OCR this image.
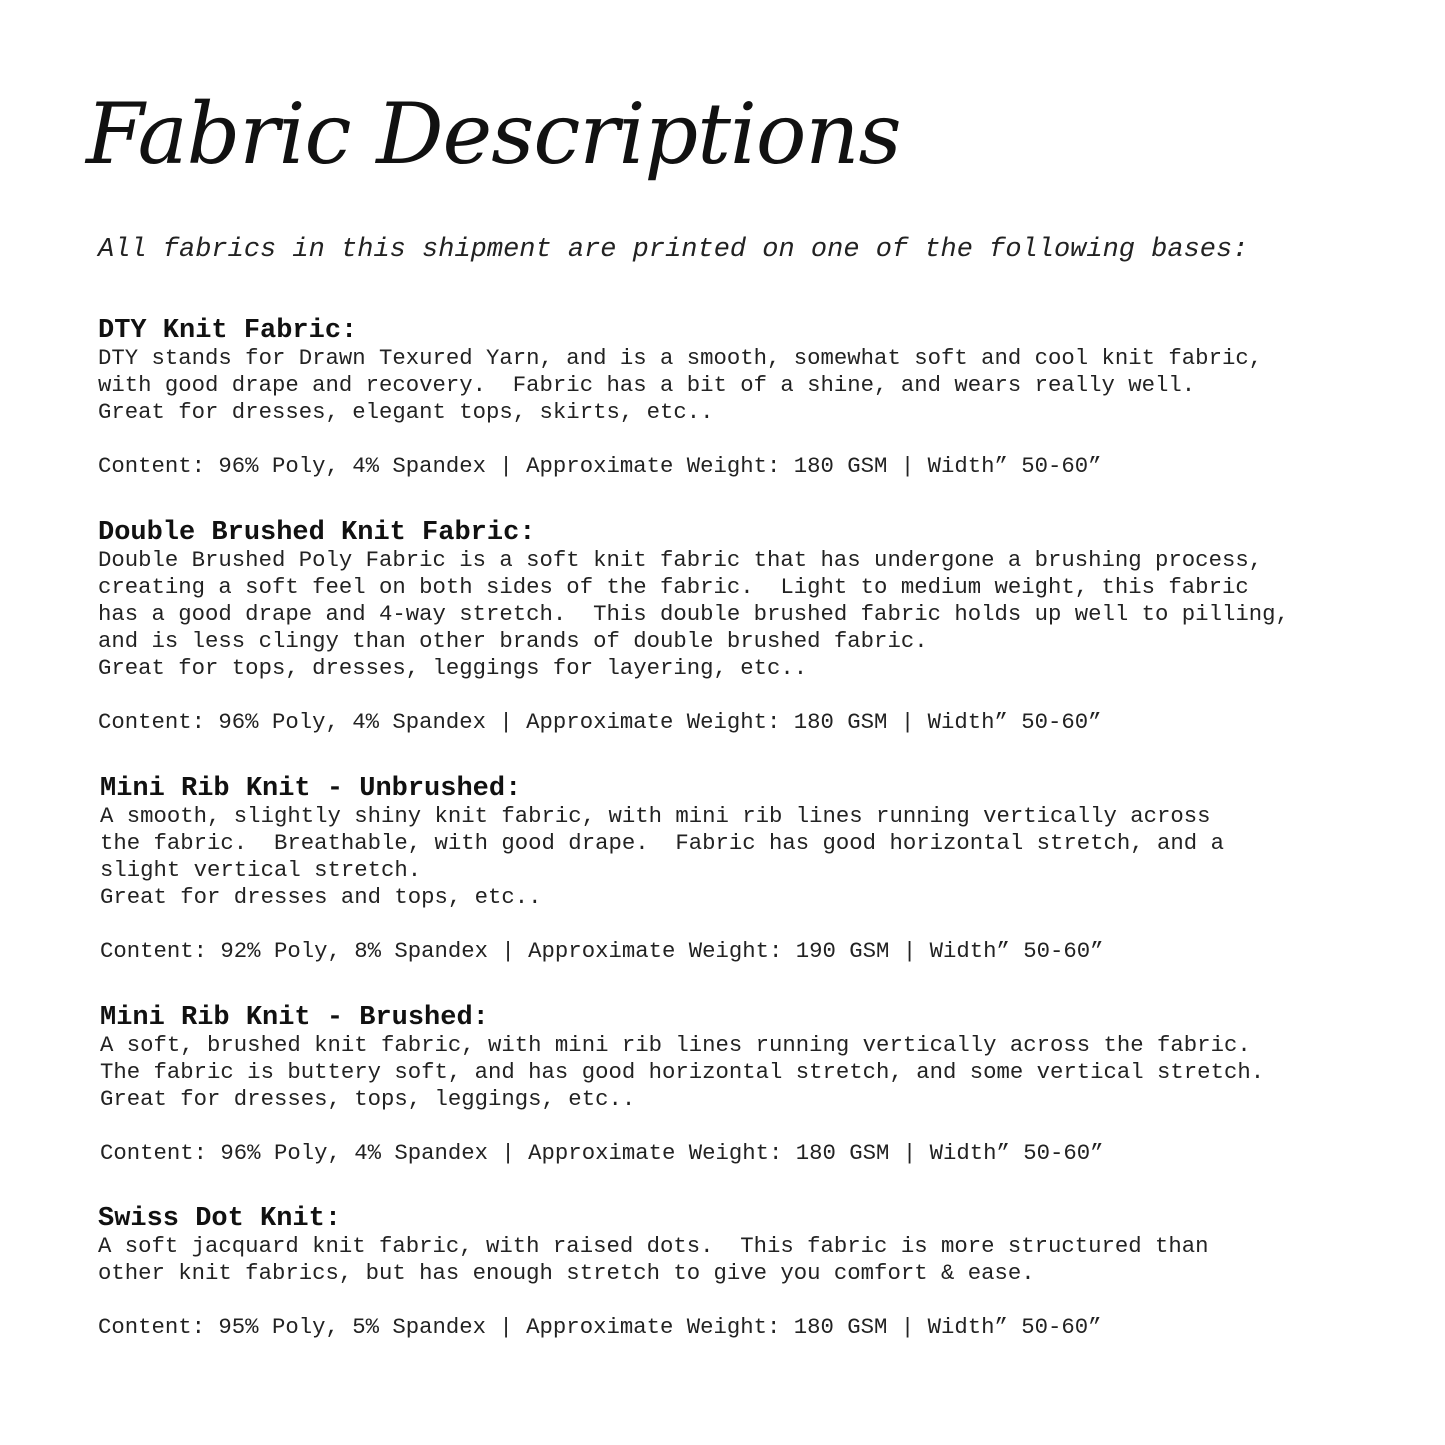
Fabric Descriptions
All fabrics in this shipment are printed on one of the following bases:
DTY Knit Fabric:
DTY stands for Drawn Texured Yarn, and is a smooth, somewhat soft and cool knit fabric,
with good drape and recovery.  Fabric has a bit of a shine, and wears really well.
Great for dresses, elegant tops, skirts, etc..
Content: 96% Poly, 4% Spandex | Approximate Weight: 180 GSM | Width” 50-60”
Double Brushed Knit Fabric:
Double Brushed Poly Fabric is a soft knit fabric that has undergone a brushing process,
creating a soft feel on both sides of the fabric.  Light to medium weight, this fabric
has a good drape and 4-way stretch.  This double brushed fabric holds up well to pilling,
and is less clingy than other brands of double brushed fabric.
Great for tops, dresses, leggings for layering, etc..
Content: 96% Poly, 4% Spandex | Approximate Weight: 180 GSM | Width” 50-60”
Mini Rib Knit - Unbrushed:
A smooth, slightly shiny knit fabric, with mini rib lines running vertically across
the fabric.  Breathable, with good drape.  Fabric has good horizontal stretch, and a
slight vertical stretch.
Great for dresses and tops, etc..
Content: 92% Poly, 8% Spandex | Approximate Weight: 190 GSM | Width” 50-60”
Mini Rib Knit - Brushed:
A soft, brushed knit fabric, with mini rib lines running vertically across the fabric.
The fabric is buttery soft, and has good horizontal stretch, and some vertical stretch.
Great for dresses, tops, leggings, etc..
Content: 96% Poly, 4% Spandex | Approximate Weight: 180 GSM | Width” 50-60”
Swiss Dot Knit:
A soft jacquard knit fabric, with raised dots.  This fabric is more structured than
other knit fabrics, but has enough stretch to give you comfort & ease.
Content: 95% Poly, 5% Spandex | Approximate Weight: 180 GSM | Width” 50-60”
